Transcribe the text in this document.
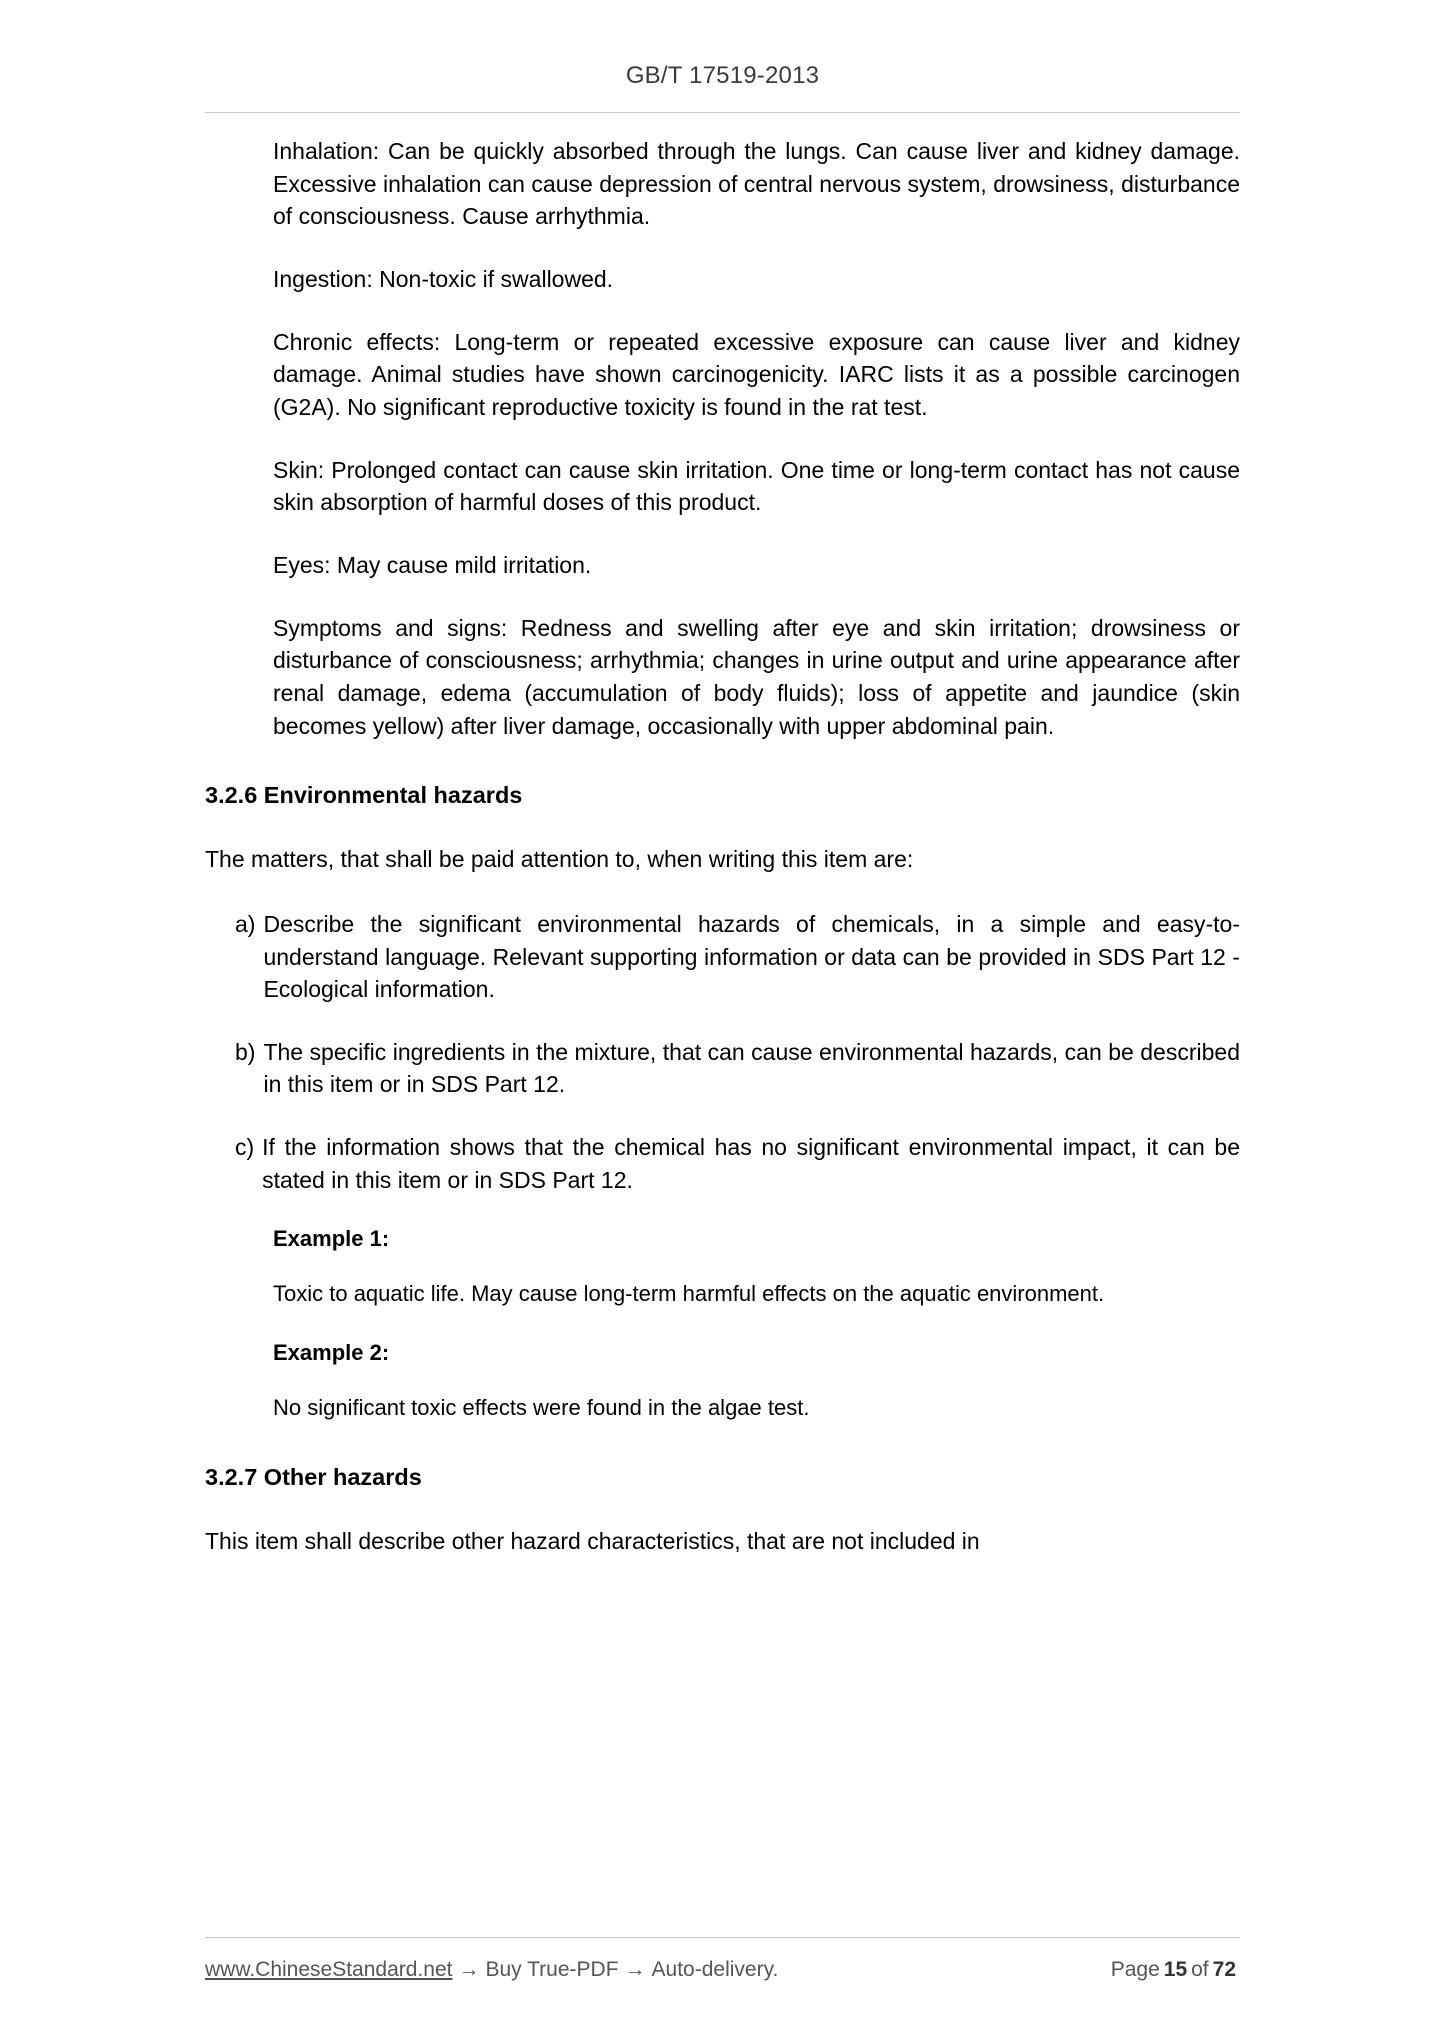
GB/T 17519-2013

Inhalation: Can be quickly absorbed through the lungs. Can cause liver and kidney damage. Excessive inhalation can cause depression of central nervous system, drowsiness, disturbance of consciousness. Cause arrhythmia.

Ingestion: Non-toxic if swallowed.

Chronic effects: Long-term or repeated excessive exposure can cause liver and kidney damage. Animal studies have shown carcinogenicity. IARC lists it as a possible carcinogen (G2A). No significant reproductive toxicity is found in the rat test.

Skin: Prolonged contact can cause skin irritation. One time or long-term contact has not cause skin absorption of harmful doses of this product.

Eyes: May cause mild irritation.

Symptoms and signs: Redness and swelling after eye and skin irritation; drowsiness or disturbance of consciousness; arrhythmia; changes in urine output and urine appearance after renal damage, edema (accumulation of body fluids); loss of appetite and jaundice (skin becomes yellow) after liver damage, occasionally with upper abdominal pain.

3.2.6 Environmental hazards

The matters, that shall be paid attention to, when writing this item are:

a) Describe the significant environmental hazards of chemicals, in a simple and easy-to-understand language. Relevant supporting information or data can be provided in SDS Part 12 - Ecological information.
b) The specific ingredients in the mixture, that can cause environmental hazards, can be described in this item or in SDS Part 12.
c) If the information shows that the chemical has no significant environmental impact, it can be stated in this item or in SDS Part 12.

Example 1:

Toxic to aquatic life. May cause long-term harmful effects on the aquatic environment.

Example 2:

No significant toxic effects were found in the algae test.

3.2.7 Other hazards

This item shall describe other hazard characteristics, that are not included in

www.ChineseStandard.net → Buy True-PDF → Auto-delivery.	Page 15 of 72
